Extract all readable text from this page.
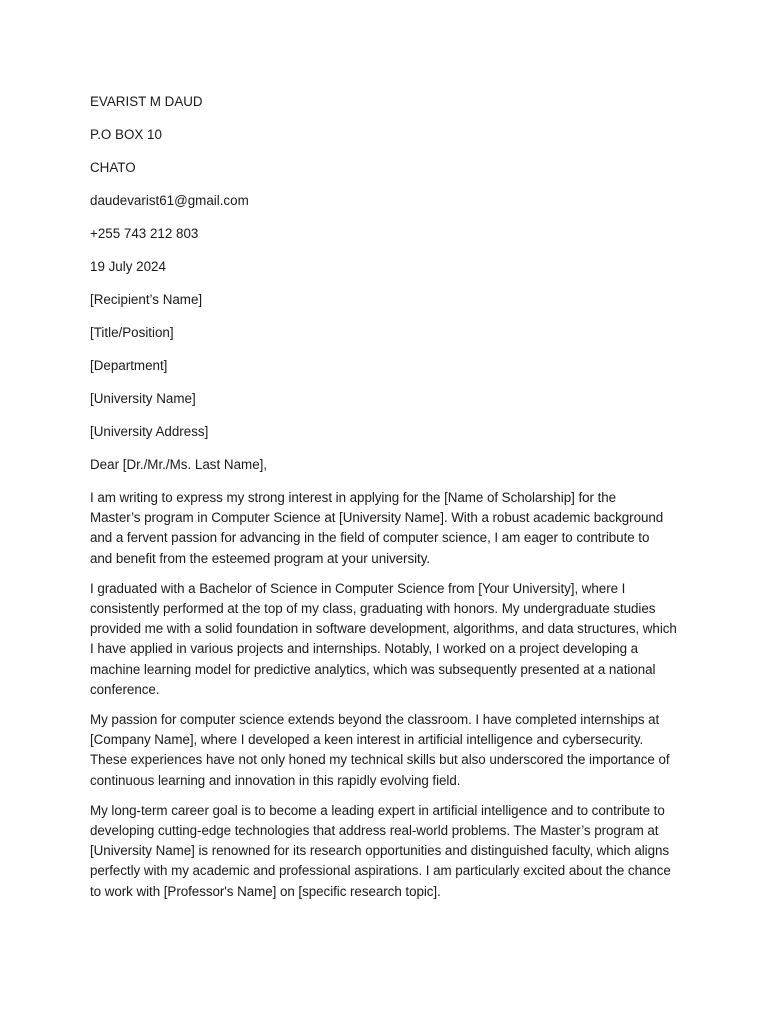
EVARIST M DAUD
P.O BOX 10
CHATO
daudevarist61@gmail.com
+255 743 212 803
19 July 2024
[Recipient’s Name]
[Title/Position]
[Department]
[University Name]
[University Address]
Dear [Dr./Mr./Ms. Last Name],
I am writing to express my strong interest in applying for the [Name of Scholarship] for the
Master’s program in Computer Science at [University Name]. With a robust academic background
and a fervent passion for advancing in the field of computer science, I am eager to contribute to
and benefit from the esteemed program at your university.
I graduated with a Bachelor of Science in Computer Science from [Your University], where I
consistently performed at the top of my class, graduating with honors. My undergraduate studies
provided me with a solid foundation in software development, algorithms, and data structures, which
I have applied in various projects and internships. Notably, I worked on a project developing a
machine learning model for predictive analytics, which was subsequently presented at a national
conference.
My passion for computer science extends beyond the classroom. I have completed internships at
[Company Name], where I developed a keen interest in artificial intelligence and cybersecurity.
These experiences have not only honed my technical skills but also underscored the importance of
continuous learning and innovation in this rapidly evolving field.
My long-term career goal is to become a leading expert in artificial intelligence and to contribute to
developing cutting-edge technologies that address real-world problems. The Master’s program at
[University Name] is renowned for its research opportunities and distinguished faculty, which aligns
perfectly with my academic and professional aspirations. I am particularly excited about the chance
to work with [Professor's Name] on [specific research topic].
